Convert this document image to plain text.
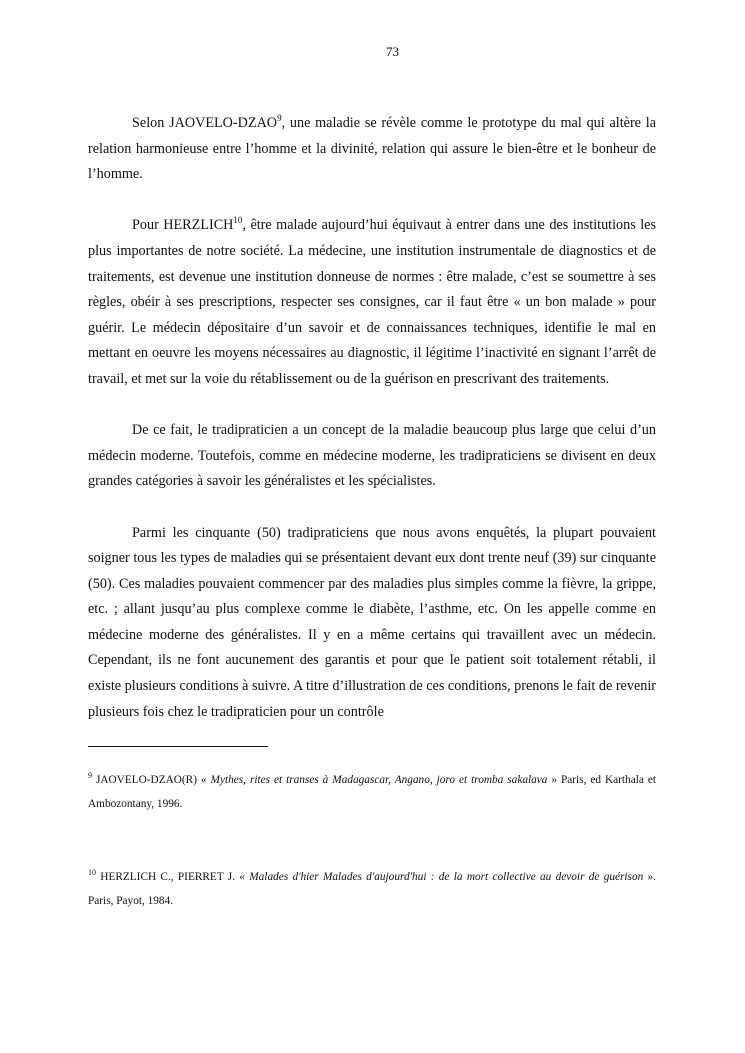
73

Selon JAOVELO-DZAO$^9$, une maladie se révèle comme le prototype du mal qui altère la relation harmonieuse entre l’homme et la divinité, relation qui assure le bien-être et le bonheur de l’homme.

Pour HERZLICH$^{10}$, être malade aujourd’hui équivaut à entrer dans une des institutions les plus importantes de notre société. La médecine, une institution instrumentale de diagnostics et de traitements, est devenue une institution donneuse de normes : être malade, c’est se soumettre à ses règles, obéir à ses prescriptions, respecter ses consignes, car il faut être « un bon malade » pour guérir. Le médecin dépositaire d’un savoir et de connaissances techniques, identifie le mal en mettant en oeuvre les moyens nécessaires au diagnostic, il légitime l’inactivité en signant l’arrêt de travail, et met sur la voie du rétablissement ou de la guérison en prescrivant des traitements.

De ce fait, le tradipraticien a un concept de la maladie beaucoup plus large que celui d’un médecin moderne. Toutefois, comme en médecine moderne, les tradipraticiens se divisent en deux grandes catégories à savoir les généralistes et les spécialistes.

Parmi les cinquante (50) tradipraticiens que nous avons enquêtés, la plupart pouvaient soigner tous les types de maladies qui se présentaient devant eux dont trente neuf (39) sur cinquante (50). Ces maladies pouvaient commencer par des maladies plus simples comme la fièvre, la grippe, etc. ; allant jusqu’au plus complexe comme le diabète, l’asthme, etc. On les appelle comme en médecine moderne des généralistes. Il y en a même certains qui travaillent avec un médecin. Cependant, ils ne font aucunement des garantis et pour que le patient soit totalement rétabli, il existe plusieurs conditions à suivre. A titre d’illustration de ces conditions, prenons le fait de revenir plusieurs fois chez le tradipraticien pour un contrôle

$^9$ JAOVELO-DZAO(R) « Mythes, rites et transes à Madagascar, Angano, joro et tromba sakalava » Paris, ed Karthala et Ambozontany, 1996.
$^{10}$ HERZLICH C., PIERRET J. « Malades d'hier Malades d'aujourd'hui : de la mort collective au devoir de guérison ». Paris, Payot, 1984.
